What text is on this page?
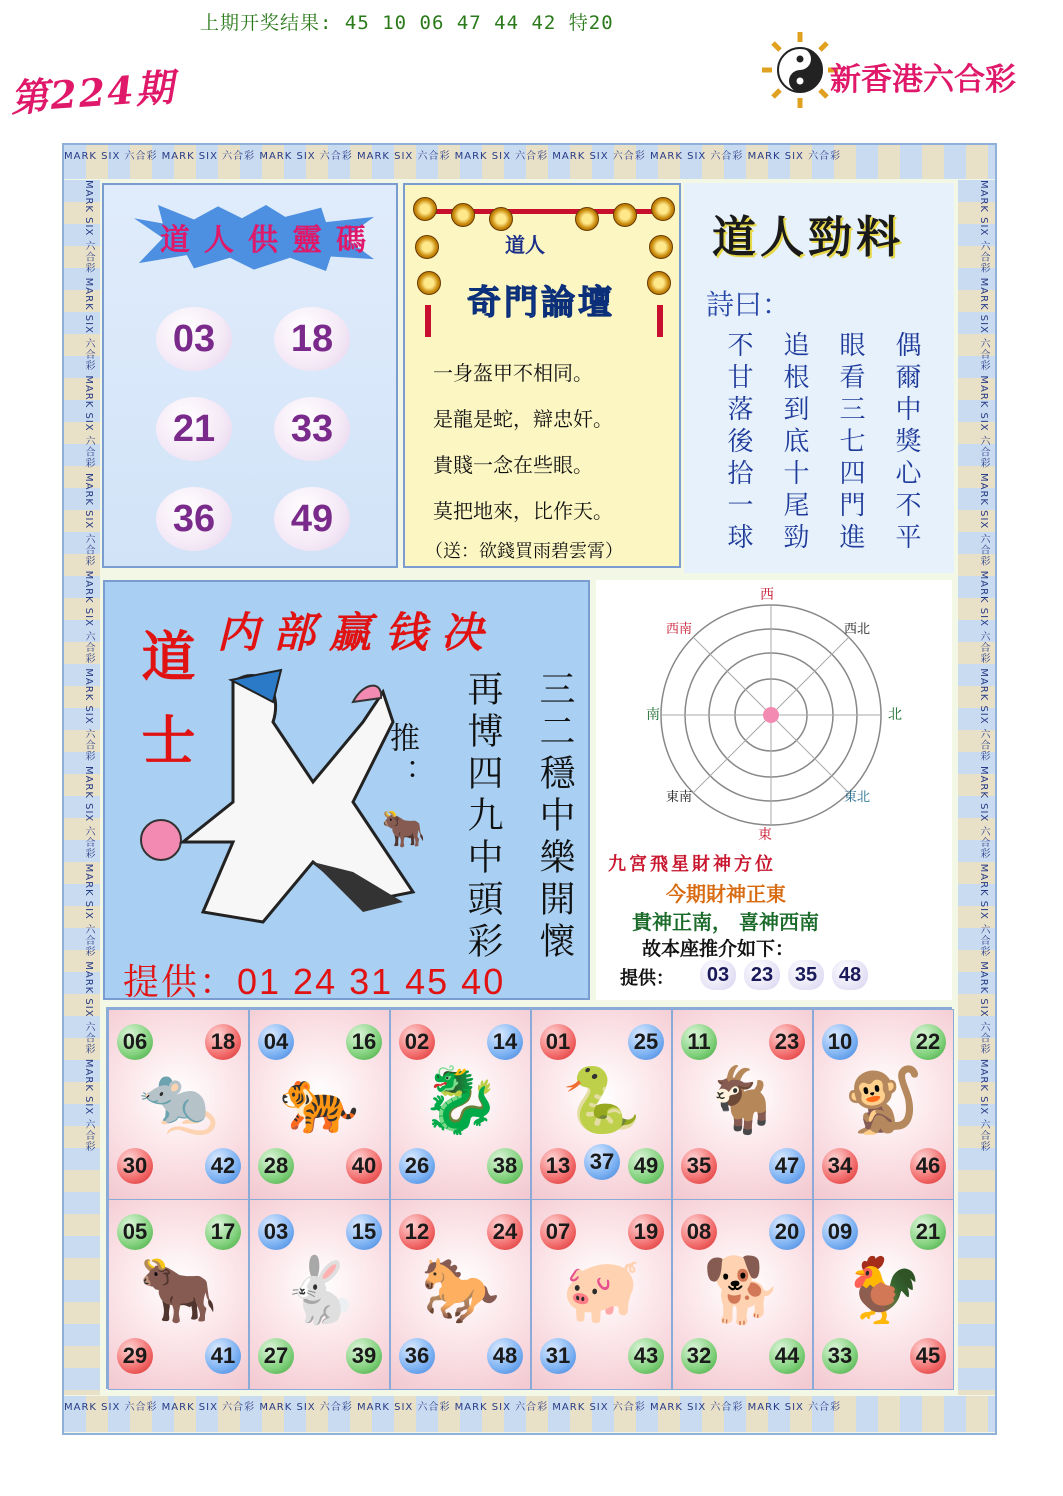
上期开奖结果: 45 10 06 47 44 42 特20
第224期	新香港六合彩
MARK SIX 六合彩 MARK SIX 六合彩 MARK SIX 六合彩 MARK SIX 六合彩 MARK SIX 六合彩 MARK SIX 六合彩 MARK SIX 六合彩 MARK SIX 六合彩
MARK SIX 六合彩 MARK SIX 六合彩 MARK SIX 六合彩 MARK SIX 六合彩 MARK SIX 六合彩 MARK SIX 六合彩 MARK SIX 六合彩 MARK SIX 六合彩
MARK SIX 六合彩 MARK SIX 六合彩 MARK SIX 六合彩 MARK SIX 六合彩 MARK SIX 六合彩 MARK SIX 六合彩 MARK SIX 六合彩 MARK SIX 六合彩 MARK SIX 六合彩 MARK SIX 六合彩	MARK SIX 六合彩 MARK SIX 六合彩 MARK SIX 六合彩 MARK SIX 六合彩 MARK SIX 六合彩 MARK SIX 六合彩 MARK SIX 六合彩 MARK SIX 六合彩 MARK SIX 六合彩 MARK SIX 六合彩
道人供靈碼
03	18
21	33
36	49
道人
奇門論壇
一身盔甲不相同。
是龍是蛇，辯忠奸。
貴賤一念在些眼。
莫把地來，比作天。
（送：欲錢買雨碧雲霄）
道人勁料
詩曰：
偶爾中獎心不平
眼看三七四門進
追根到底十尾勁
不甘落後拾一球
内部赢钱决
道士	三二穩中樂開懷
再博四九中頭彩
推：
🐂
提供：01 24 31 45 40
西
東
北
南
西南	西北
東南	東北
九宮飛星財神方位
今期財神正東
貴神正南， 喜神西南
故本座推介如下：
提供：	03	23	35	48
🐀
06	18
30	42
🐅
04	16
28	40
🐉
02	14
26	38
🐍
01	25
13 37 49
🐐
11	23
35	47
🐒
10	22
34	46
🐂
05	17
29	41
🐇
03	15
27	39
🐎
12	24
36	48
🐖
07	19
31	43
🐕
08	20
32	44
🐓
09	21
33	45
